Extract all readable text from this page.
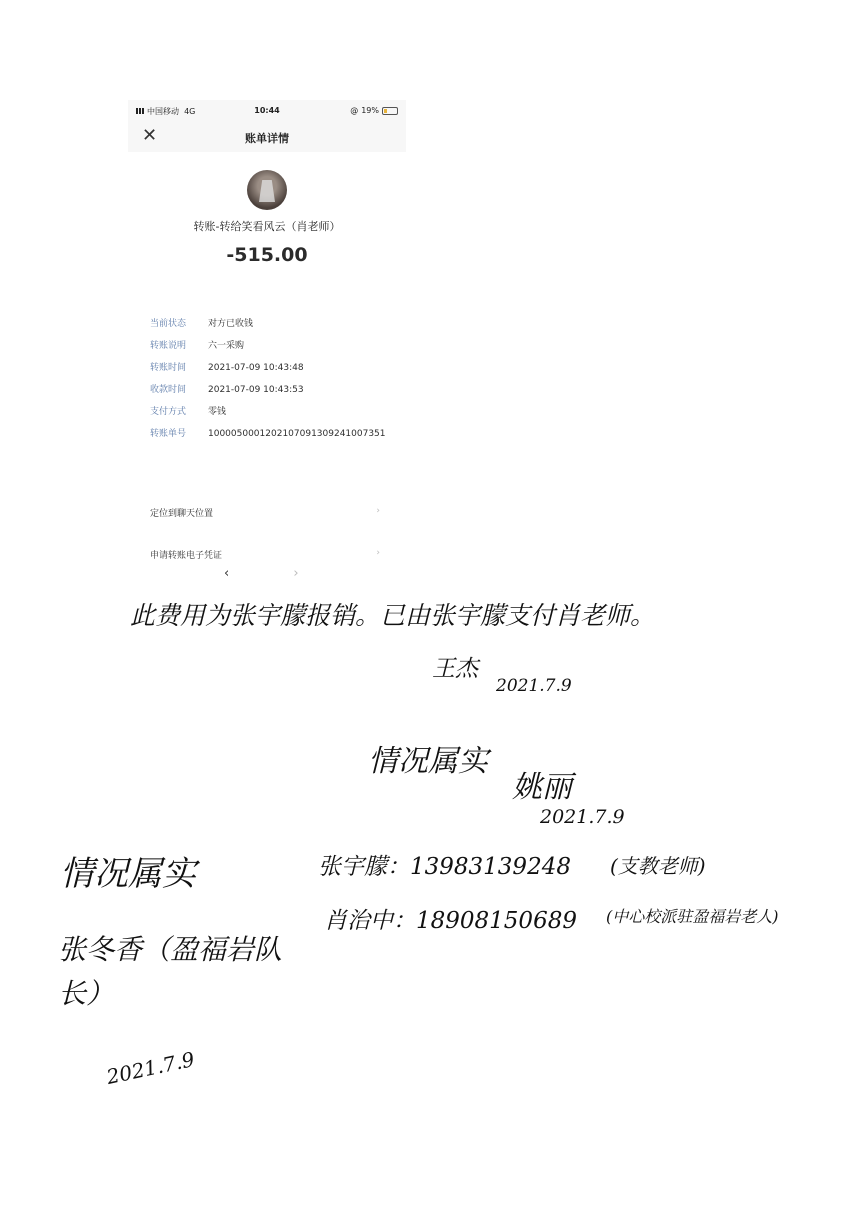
中国移动 4G	10:44	@ 19%
✕	账单详情
转账-转给笑看风云（肖老师）
-515.00
当前状态	对方已收钱
转账说明	六一采购
转账时间	2021-07-09 10:43:48
收款时间	2021-07-09 10:43:53
支付方式	零钱
转账单号	1000050001202107091309241007351
定位到聊天位置	›
申请转账电子凭证	›
‹	›
此费用为张宇朦报销。已由张宇朦支付肖老师。
王杰
2021.7.9
情况属实
姚丽
2021.7.9
情况属实	张宇朦：13983139248 (支教老师)
肖治中：18908150689 (中心校派驻盈福岩老人)
张冬香（盈福岩队长）
2021.7.9
